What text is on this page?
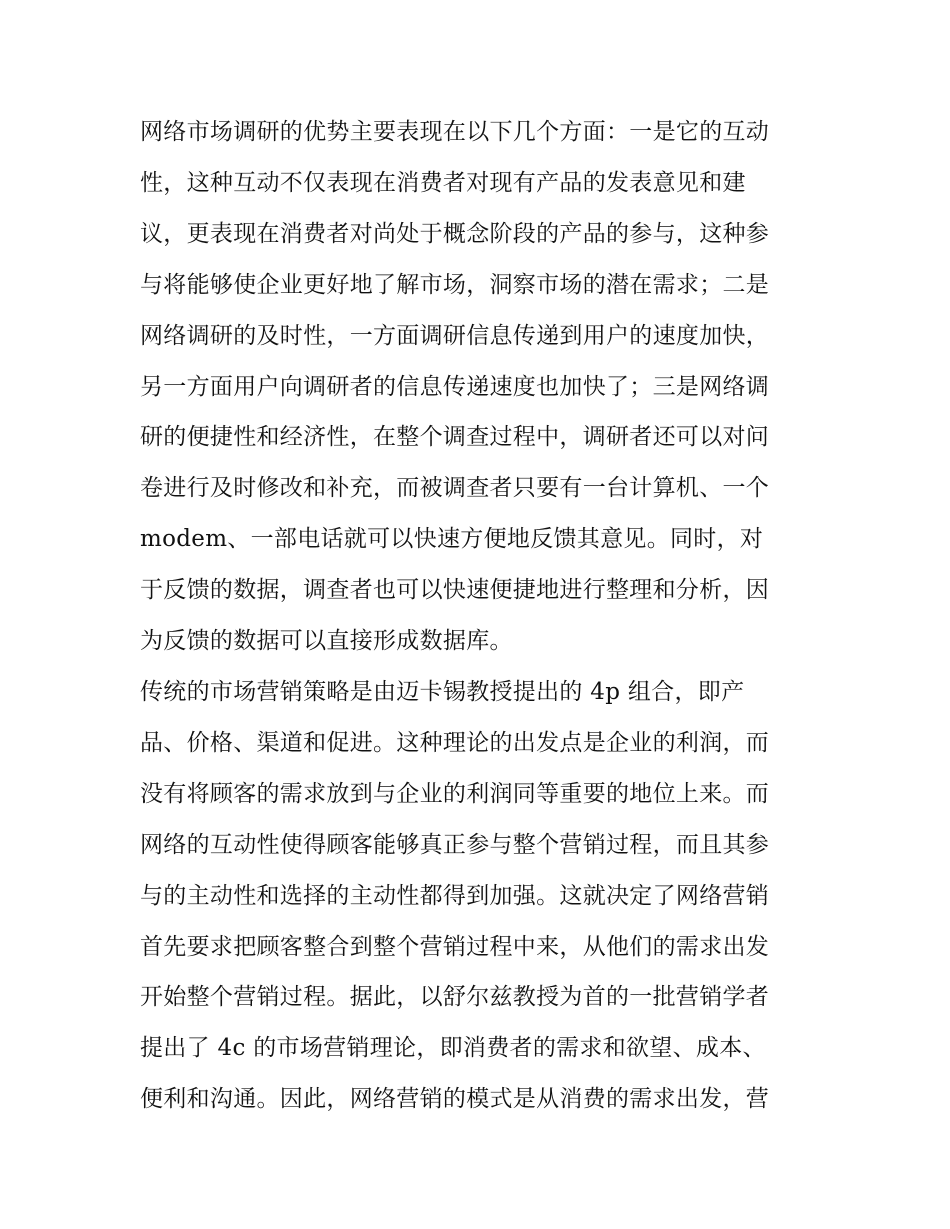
网络市场调研的优势主要表现在以下几个方面：一是它的互动
性，这种互动不仅表现在消费者对现有产品的发表意见和建
议，更表现在消费者对尚处于概念阶段的产品的参与，这种参
与将能够使企业更好地了解市场，洞察市场的潜在需求；二是
网络调研的及时性，一方面调研信息传递到用户的速度加快，
另一方面用户向调研者的信息传递速度也加快了；三是网络调
研的便捷性和经济性，在整个调查过程中，调研者还可以对问
卷进行及时修改和补充，而被调查者只要有一台计算机、一个
modem、一部电话就可以快速方便地反馈其意见。同时，对
于反馈的数据，调查者也可以快速便捷地进行整理和分析，因
为反馈的数据可以直接形成数据库。

传统的市场营销策略是由迈卡锡教授提出的 4p 组合，即产
品、价格、渠道和促进。这种理论的出发点是企业的利润，而
没有将顾客的需求放到与企业的利润同等重要的地位上来。而
网络的互动性使得顾客能够真正参与整个营销过程，而且其参
与的主动性和选择的主动性都得到加强。这就决定了网络营销
首先要求把顾客整合到整个营销过程中来，从他们的需求出发
开始整个营销过程。据此，以舒尔兹教授为首的一批营销学者
提出了 4c 的市场营销理论，即消费者的需求和欲望、成本、
便利和沟通。因此，网络营销的模式是从消费的需求出发，营
